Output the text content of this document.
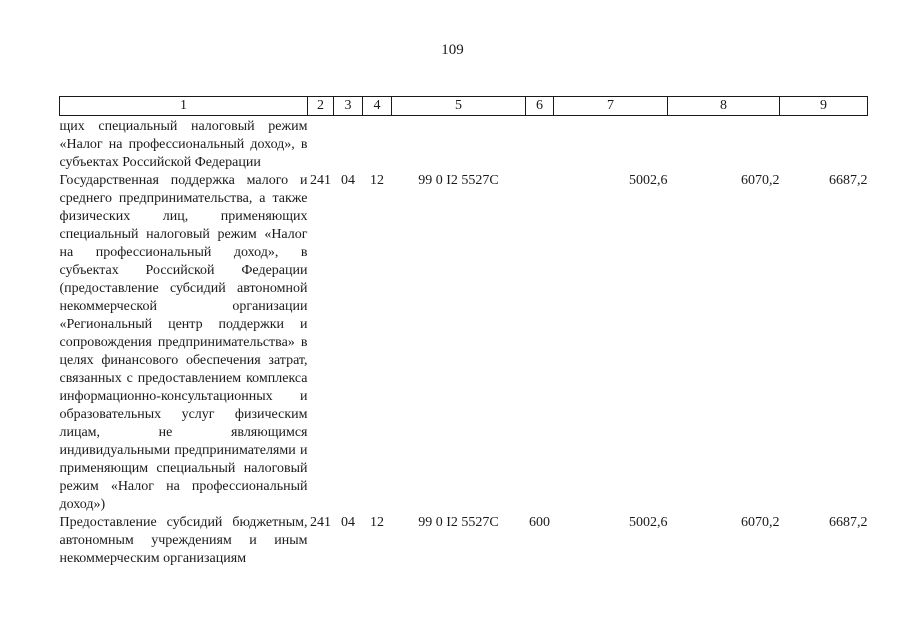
109
1	2	3	4	5	6	7	8	9

щих специальный налоговый режим «Налог на профессиональный доход», в субъектах Российской Федерации								
Государственная поддержка малого и среднего предпринимательства, а также физических лиц, применяющих специальный налоговый режим «Налог на профессиональный доход», в субъектах Российской Федерации (предоставление субсидий автономной некоммерческой организации «Региональный центр поддержки и сопровождения предпринимательства» в целях финансового обеспечения затрат, связанных с предоставлением комплекса информационно-консультационных и образовательных услуг физическим лицам, не являющимся индивидуальными предпринимателями и применяющим специальный налоговый режим «Налог на профессиональный доход»)	241	04	12	99 0 I2 5527C		5002,6	6070,2	6687,2
Предоставление субсидий бюджетным, автономным учреждениям и иным некоммерческим организациям	241	04	12	99 0 I2 5527C	600	5002,6	6070,2	6687,2
